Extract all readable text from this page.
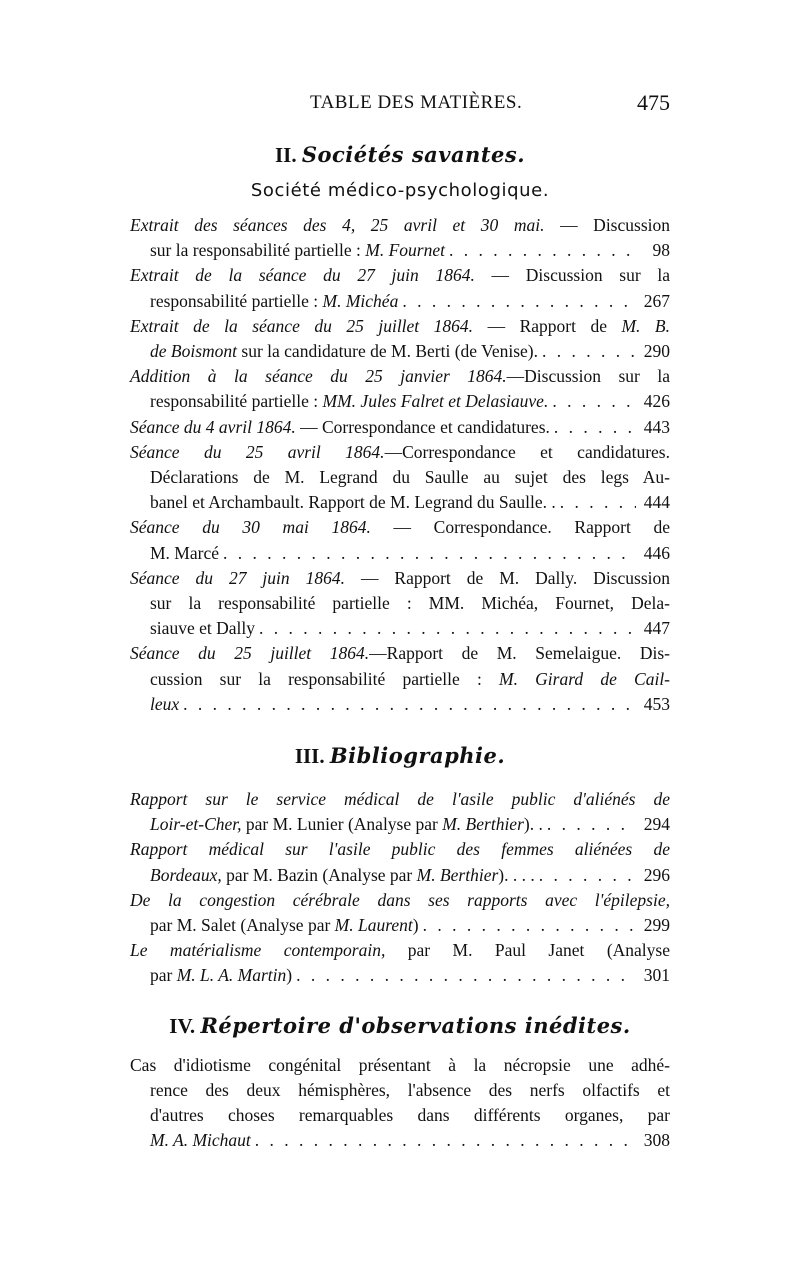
TABLE DES MATIÈRES.	475
II. Sociétés savantes.
Société médico-psychologique.
Extrait des séances des 4, 25 avril et 30 mai. — Discussion
sur la responsabilité partielle : M. Fournet . . .	98
Extrait de la séance du 27 juin 1864. — Discussion sur la
responsabilité partielle : M. Michéa . . .	267
Extrait de la séance du 25 juillet 1864. — Rapport de M. B.
de Boismont sur la candidature de M. Berti (de Venise). . . .	290
Addition à la séance du 25 janvier 1864.—Discussion sur la
responsabilité partielle : MM. Jules Falret et Delasiauve. . . .	426
Séance du 4 avril 1864. — Correspondance et candidatures. . . .	443
Séance du 25 avril 1864.—Correspondance et candidatures.
Déclarations de M. Legrand du Saulle au sujet des legs Au-
banel et Archambault. Rapport de M. Legrand du Saulle. . . . .	444
Séance du 30 mai 1864. — Correspondance. Rapport de
M. Marcé . . .	446
Séance du 27 juin 1864. — Rapport de M. Dally. Discussion
sur la responsabilité partielle : MM. Michéa, Fournet, Dela-
siauve et Dally . . .	447
Séance du 25 juillet 1864.—Rapport de M. Semelaigue. Dis-
cussion sur la responsabilité partielle : M. Girard de Cail-
leux . . .	453
III. Bibliographie.
Rapport sur le service médical de l'asile public d'aliénés de
Loir-et-Cher, par M. Lunier (Analyse par M. Berthier). . . . .	294
Rapport médical sur l'asile public des femmes aliénées de
Bordeaux, par M. Bazin (Analyse par M. Berthier). . . . . . .	296
De la congestion cérébrale dans ses rapports avec l'épilepsie,
par M. Salet (Analyse par M. Laurent) . . .	299
Le matérialisme contemporain, par M. Paul Janet (Analyse
par M. L. A. Martin) . . .	301
IV. Répertoire d'observations inédites.
Cas d'idiotisme congénital présentant à la nécropsie une adhé-
rence des deux hémisphères, l'absence des nerfs olfactifs et
d'autres choses remarquables dans différents organes, par
M. A. Michaut . . .	308
